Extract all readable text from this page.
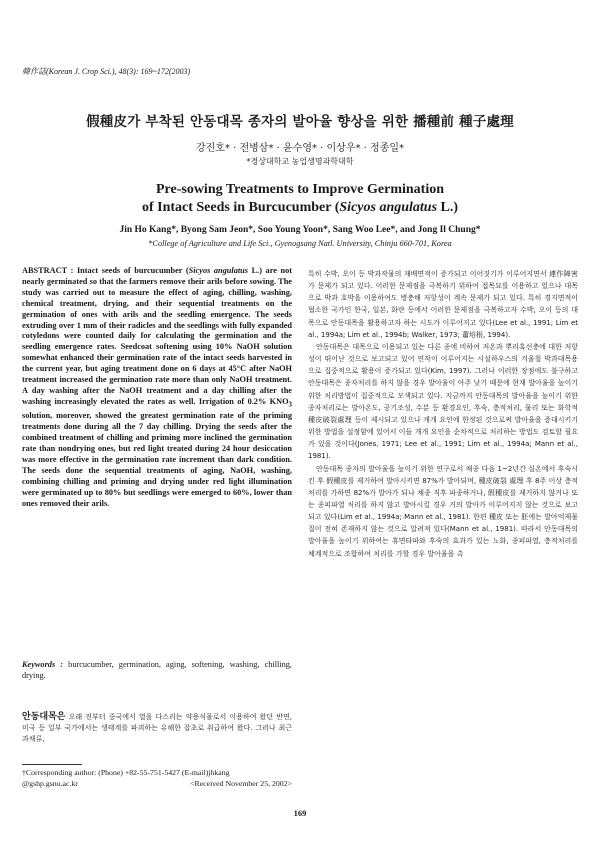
韓作誌(Korean J. Crop Sci.), 48(3): 169~172(2003)
假種皮가 부착된 안동대목 종자의 발아율 향상을 위한 播種前 種子處理
강진호* · 전병삼* · 윤수영* · 이상우* · 정종일*
*경상대학교 농업생명과학대학
Pre-sowing Treatments to Improve Germination
of Intact Seeds in Burcucumber (Sicyos angulatus L.)
Jin Ho Kang*, Byong Sam Jeon*, Soo Young Yoon*, Sang Woo Lee*, and Jong Il Chung*
*College of Agriculture and Life Sci., Gyenogsang Natl. University, Chinju 660-701, Korea

ABSTRACT : Intact seeds of burcucumber (Sicyos angulatus L.) are not nearly germinated so that the farmers remove their arils before sowing. The study was carried out to measure the effect of aging, chilling, washing, chemical treatment, drying, and their sequential treatments on the germination of ones with arils and the seedling emergence. The seeds extruding over 1 mm of their radicles and the seedlings with fully expanded cotyledons were counted daily for calculating the germination and the seedling emergence rates. Seedcoat softening using 10% NaOH solution somewhat enhanced their germination rate of the intact seeds harvested in the current year, but aging treatment done on 6 days at 45°C after NaOH treatment increased the germination rate more than only NaOH treatment. A day washing after the NaOH treatment and a day chilling after the washing increasingly elevated the rates as well. Irrigation of 0.2% $KNO_3$ solution, moreover, showed the greatest germination rate of the priming treatments done during all the 7 day chilling. Drying the seeds after the combined treatment of chilling and priming more inclined the germination rate than nondrying ones, but red light treated during 24 hour desiccation was more effective in the germination rate increment than dark condition. The seeds done the sequential treatments of aging, NaOH, washing, combining chilling and priming and drying under red light illumination were germinated up to 80% but seedlings were emerged to 60%, lower than ones removed their arils.

Keywords : burcucumber, germination, aging, softening, washing, chilling, drying.

안동대목은 오래 전부터 중국에서 열을 다스리는 약용식물로서 이용하여 왔던 반면, 미국 등 일부 국가에서는 생태계를 파괴하는 유해한 잡초로 취급하여 왔다. 그러나 최근 과채류,

†Corresponding author: (Phone) +82-55-751-5427 (E-mail)jhkang
@gshp.gsnu.ac.kr	<Received November 25, 2002>

특히 수박, 오이 등 박과작물의 재배면적이 증가되고 이어짓기가 이루어지면서 連作障害가 문제가 되고 있다. 이러한 문제점을 극복하기 위하여 접목묘를 이용하고 있으나 대목으로 박과 호박을 이용하여도 병충해 저항성이 계속 문제가 되고 있다. 특히 경지면적이 협소한 국가인 한국, 일본, 화란 등에서 이러한 문제점을 극복하고자 수박, 오이 등의 대목으로 안동대목을 활용하고자 하는 시도가 이루어지고 있다(Lee et al., 1991; Lim et al., 1994a; Lim et al., 1994b; Walker, 1973; 蕭培根, 1994).

안동대목은 대목으로 이용되고 있는 다른 종에 비하여 저온과 뿌리혹선충에 대한 저항성이 뛰어난 것으로 보고되고 있어 연작이 이루어지는 시설하우스의 겨울철 박과대목용으로 집중적으로 활용이 증가되고 있다(Kim, 1997). 그러나 이러한 장점에도 불구하고 안동대목은 종자처리를 하지 않을 경우 발아율이 아주 낮기 때문에 현재 발아율을 높이기 위한 처리방법이 집중적으로 모색되고 있다. 지금까지 안동대목의 발아율을 높이기 위한 종자처리로는 발아온도, 공기조성, 수분 등 환경요인, 후숙, 층적처리, 물리 또는 화학적 種皮破裂處理 등이 제시되고 있으나 개개 요인에 한정된 것으로써 발아율을 증대시키기 위한 방법을 설정함에 있어서 이들 개개 요인을 순차적으로 처리하는 방법도 검토할 필요가 있을 것이다(Jones, 1971; Lee et al., 1991; Lim et al., 1994a; Mann et al., 1981).

안동대목 종자의 발아율을 높이기 위한 연구로서 채종 다음 1~2년간 실온에서 후숙시킨 후 假種皮를 제거하여 발아시키면 87%가 발아되며, 種皮破裂 處理 후 8주 이상 층적처리를 가하면 82%가 발아가 되나 채종 직후 파종하거나, 假種皮를 제거하지 않거나 또는 종피파열 처리를 하지 않고 발아시킬 경우 거의 발아가 이루어지지 않는 것으로 보고되고 있다(Lim et al., 1994a; Mann et al., 1981). 한편 種皮 또는 胚에는 발아억제물질이 전혀 존재하지 않는 것으로 알려져 있다(Mann et al., 1981). 따라서 안동대목의 발아율을 높이기 위하여는 휴면타파와 후숙의 효과가 있는 노화, 종피파열, 층적처리를 체계적으로 조합하여 처리를 가할 경우 발아율을 촉

169
